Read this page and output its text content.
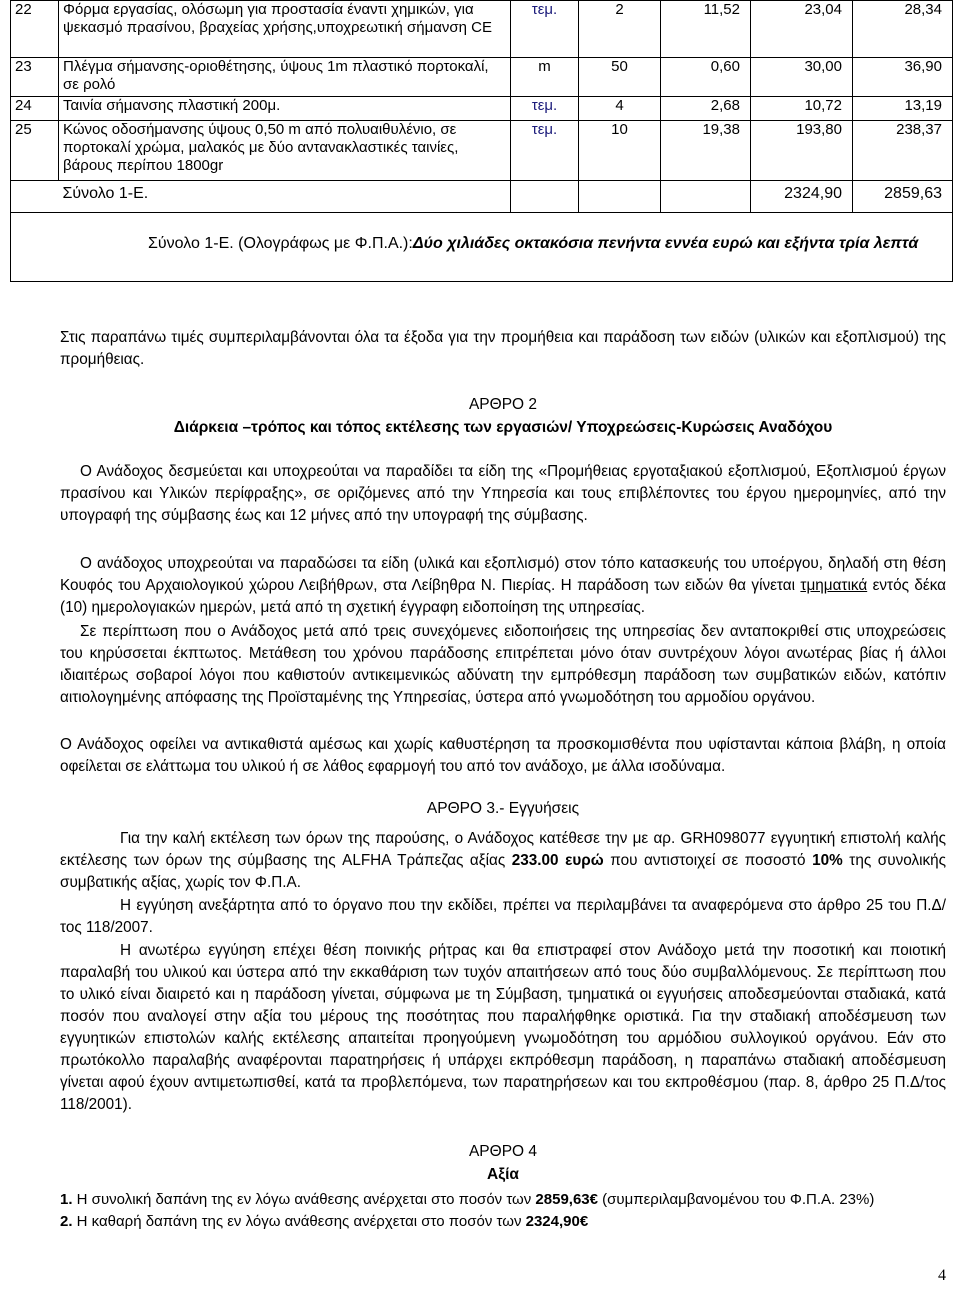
22	Φόρμα εργασίας, ολόσωμη για προστασία έναντι χημικών, για ψεκασμό πρασίνου, βραχείας χρήσης,υποχρεωτική σήμανση CE	τεμ.	2	11,52	23,04	28,34
23	Πλέγμα σήμανσης-οριοθέτησης, ύψους 1m πλαστικό πορτοκαλί, σε ρολό	m	50	0,60	30,00	36,90
24	Ταινία σήμανσης πλαστική 200μ.	τεμ.	4	2,68	10,72	13,19
25	Κώνος οδοσήμανσης ύψους 0,50 m από πολυαιθυλένιο, σε πορτοκαλί χρώμα, μαλακός με δύο αντανακλαστικές ταινίες, βάρους περίπου 1800gr	τεμ.	10	19,38	193,80	238,37
	Σύνολο 1-Ε.				2324,90	2859,63

Σύνολο 1-Ε. (Ολογράφως με Φ.Π.Α.):Δύο χιλιάδες οκτακόσια πενήντα εννέα ευρώ και εξήντα τρία λεπτά
Στις παραπάνω τιμές συμπεριλαμβάνονται όλα τα έξοδα για την προμήθεια και παράδοση των ειδών (υλικών και εξοπλισμού) της προμήθειας.
ΑΡΘΡΟ 2
Διάρκεια –τρόπος και τόπος εκτέλεσης των εργασιών/ Υποχρεώσεις-Κυρώσεις Αναδόχου
Ο Ανάδοχος δεσμεύεται και υποχρεούται να παραδίδει τα είδη της «Προμήθειας εργοταξιακού εξοπλισμού, Εξοπλισμού έργων πρασίνου και Υλικών περίφραξης», σε οριζόμενες από την Υπηρεσία και τους επιβλέποντες του έργου ημερομηνίες, από την υπογραφή της σύμβασης έως και 12 μήνες από την υπογραφή της σύμβασης.
Ο ανάδοχος υποχρεούται να παραδώσει τα είδη (υλικά και εξοπλισμό) στον τόπο κατασκευής του υποέργου, δηλαδή στη θέση Κουφός του Αρχαιολογικού χώρου Λειβήθρων, στα Λείβηθρα Ν. Πιερίας. Η παράδοση των ειδών θα γίνεται τμηματικά εντός δέκα (10) ημερολογιακών ημερών, μετά από τη σχετική έγγραφη ειδοποίηση της υπηρεσίας.
Σε περίπτωση που ο Ανάδοχος μετά από τρεις συνεχόμενες ειδοποιήσεις της υπηρεσίας δεν ανταποκριθεί στις υποχρεώσεις του κηρύσσεται έκπτωτος. Μετάθεση του χρόνου παράδοσης επιτρέπεται μόνο όταν συντρέχουν λόγοι ανωτέρας βίας ή άλλοι ιδιαιτέρως σοβαροί λόγοι που καθιστούν αντικειμενικώς αδύνατη την εμπρόθεσμη παράδοση των συμβατικών ειδών, κατόπιν αιτιολογημένης απόφασης της Προϊσταμένης της Υπηρεσίας, ύστερα από γνωμοδότηση του αρμοδίου οργάνου.
Ο Ανάδοχος οφείλει να αντικαθιστά αμέσως και χωρίς καθυστέρηση τα προσκομισθέντα που υφίστανται κάποια βλάβη, η οποία οφείλεται σε ελάττωμα του υλικού ή σε λάθος εφαρμογή του από τον ανάδοχο, με άλλα ισοδύναμα.
ΑΡΘΡΟ 3.- Εγγυήσεις
Για την καλή εκτέλεση των όρων της παρούσης, ο Ανάδοχος κατέθεσε την με αρ. GRH098077 εγγυητική επιστολή καλής εκτέλεσης των όρων της σύμβασης της ALFHA Τράπεζας αξίας 233.00 ευρώ που αντιστοιχεί σε ποσοστό 10% της συνολικής συμβατικής αξίας, χωρίς τον Φ.Π.Α.
Η εγγύηση ανεξάρτητα από το όργανο που την εκδίδει, πρέπει να περιλαμβάνει τα αναφερόμενα στο άρθρο 25 του Π.Δ/τος 118/2007.
Η ανωτέρω εγγύηση επέχει θέση ποινικής ρήτρας και θα επιστραφεί στον Ανάδοχο μετά την ποσοτική και ποιοτική παραλαβή του υλικού και ύστερα από την εκκαθάριση των τυχόν απαιτήσεων από τους δύο συμβαλλόμενους. Σε περίπτωση που το υλικό είναι διαιρετό και η παράδοση γίνεται, σύμφωνα με τη Σύμβαση, τμηματικά οι εγγυήσεις αποδεσμεύονται σταδιακά, κατά ποσόν που αναλογεί στην αξία του μέρους της ποσότητας που παραλήφθηκε οριστικά. Για την σταδιακή αποδέσμευση των εγγυητικών επιστολών καλής εκτέλεσης απαιτείται προηγούμενη γνωμοδότηση του αρμόδιου συλλογικού οργάνου. Εάν στο πρωτόκολλο παραλαβής αναφέρονται παρατηρήσεις ή υπάρχει εκπρόθεσμη παράδοση, η παραπάνω σταδιακή αποδέσμευση γίνεται αφού έχουν αντιμετωπισθεί, κατά τα προβλεπόμενα, των παρατηρήσεων και του εκπροθέσμου (παρ. 8, άρθρο 25 Π.Δ/τος 118/2001).
ΑΡΘΡΟ 4
Αξία
1. Η συνολική δαπάνη της εν λόγω ανάθεσης ανέρχεται στο ποσόν των 2859,63€ (συμπεριλαμβανομένου του Φ.Π.Α. 23%)
2. Η καθαρή δαπάνη της εν λόγω ανάθεσης ανέρχεται στο ποσόν των 2324,90€
4
